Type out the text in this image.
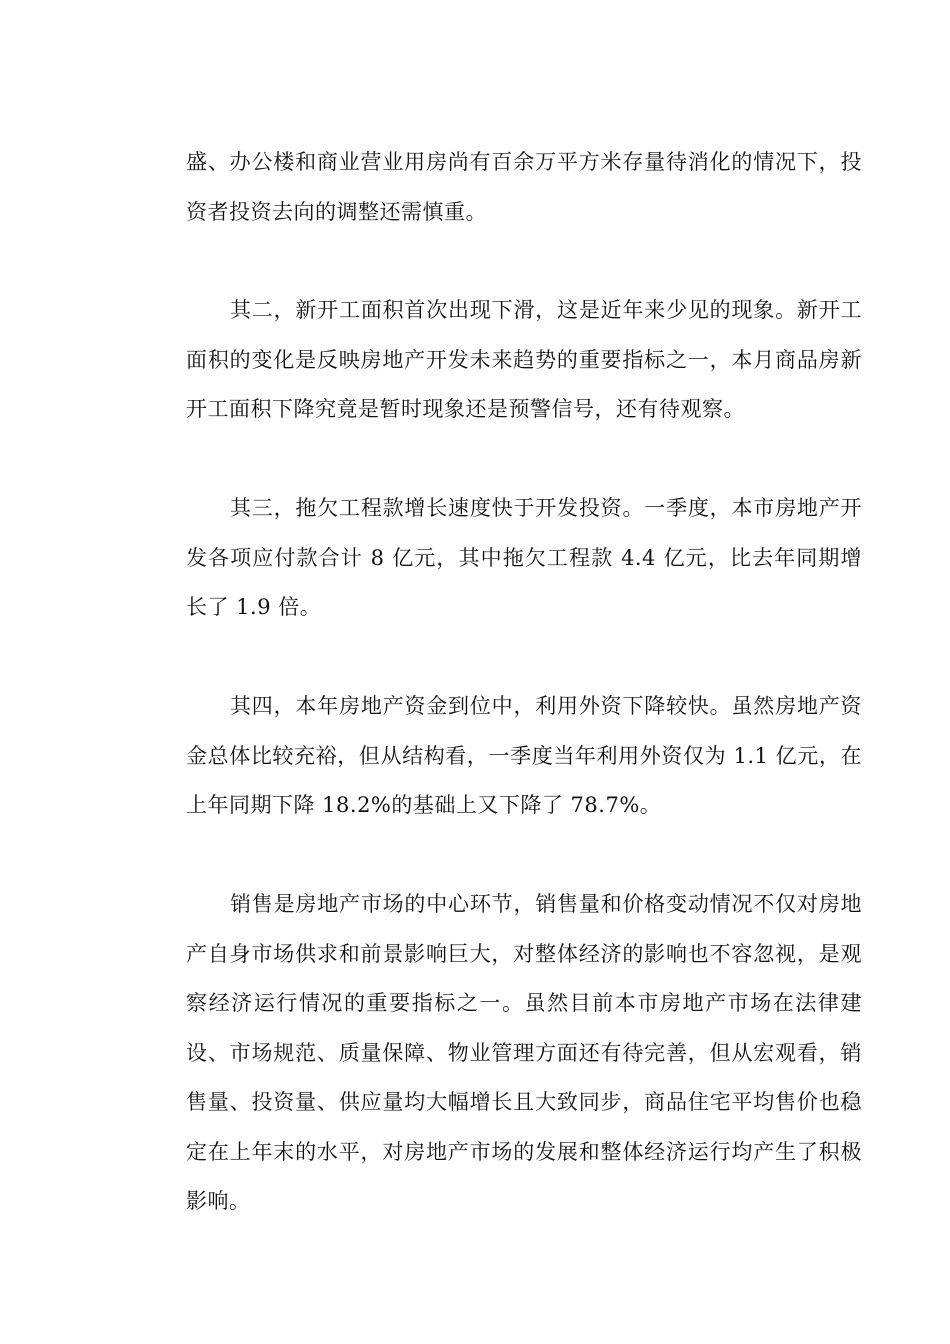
盛、办公楼和商业营业用房尚有百余万平方米存量待消化的情况下，投资者投资去向的调整还需慎重。

其二，新开工面积首次出现下滑，这是近年来少见的现象。新开工面积的变化是反映房地产开发未来趋势的重要指标之一，本月商品房新开工面积下降究竟是暂时现象还是预警信号，还有待观察。

其三，拖欠工程款增长速度快于开发投资。一季度，本市房地产开发各项应付款合计 8 亿元，其中拖欠工程款 4.4 亿元，比去年同期增长了 1.9 倍。

其四，本年房地产资金到位中，利用外资下降较快。虽然房地产资金总体比较充裕，但从结构看，一季度当年利用外资仅为 1.1 亿元，在上年同期下降 18.2%的基础上又下降了 78.7%。

销售是房地产市场的中心环节，销售量和价格变动情况不仅对房地产自身市场供求和前景影响巨大，对整体经济的影响也不容忽视，是观察经济运行情况的重要指标之一。虽然目前本市房地产市场在法律建设、市场规范、质量保障、物业管理方面还有待完善，但从宏观看，销售量、投资量、供应量均大幅增长且大致同步，商品住宅平均售价也稳定在上年末的水平，对房地产市场的发展和整体经济运行均产生了积极影响。
